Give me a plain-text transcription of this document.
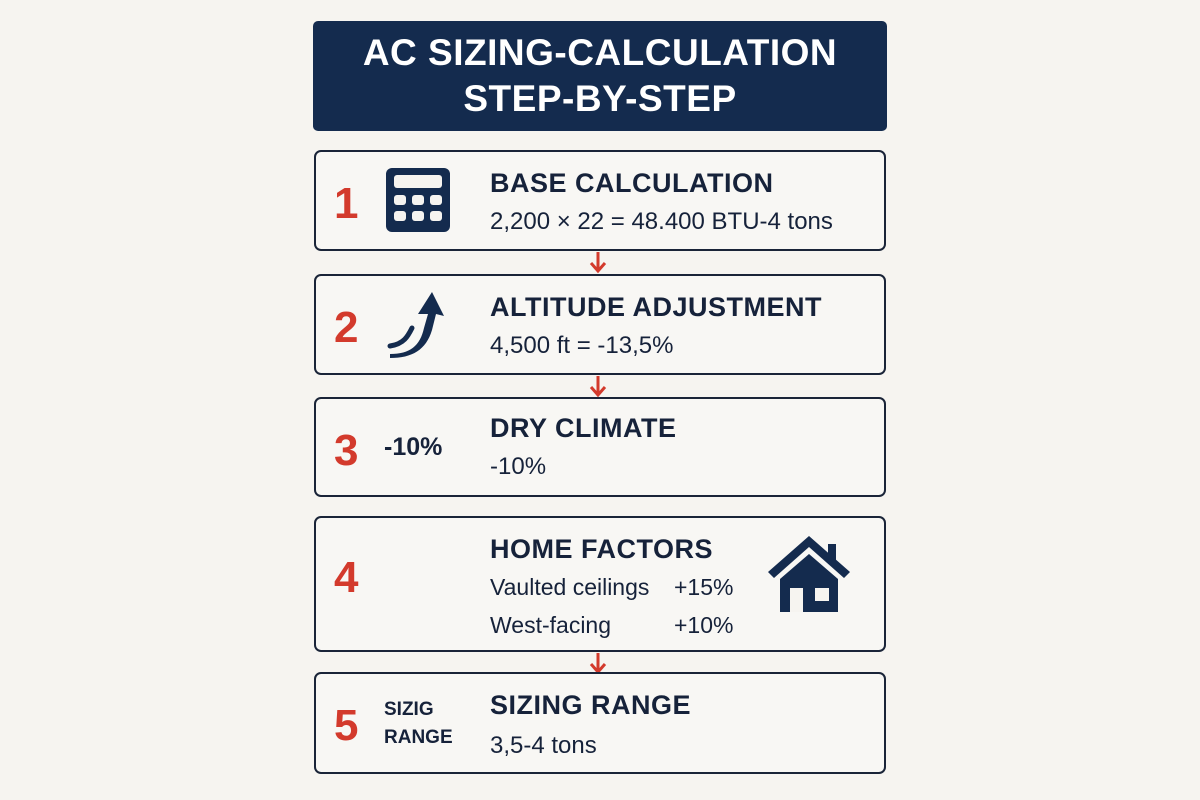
AC SIZING-CALCULATION
STEP-BY-STEP
1	BASE CALCULATION
2,200 × 22 = 48.400 BTU-4 tons
2	ALTITUDE ADJUSTMENT
4,500 ft = -13,5%
3 -10%
DRY CLIMATE
-10%
4
HOME FACTORS
Vaulted ceilings +15%
West-facing	+10%
5 SIZIG
RANGE
SIZING RANGE
3,5-4 tons
